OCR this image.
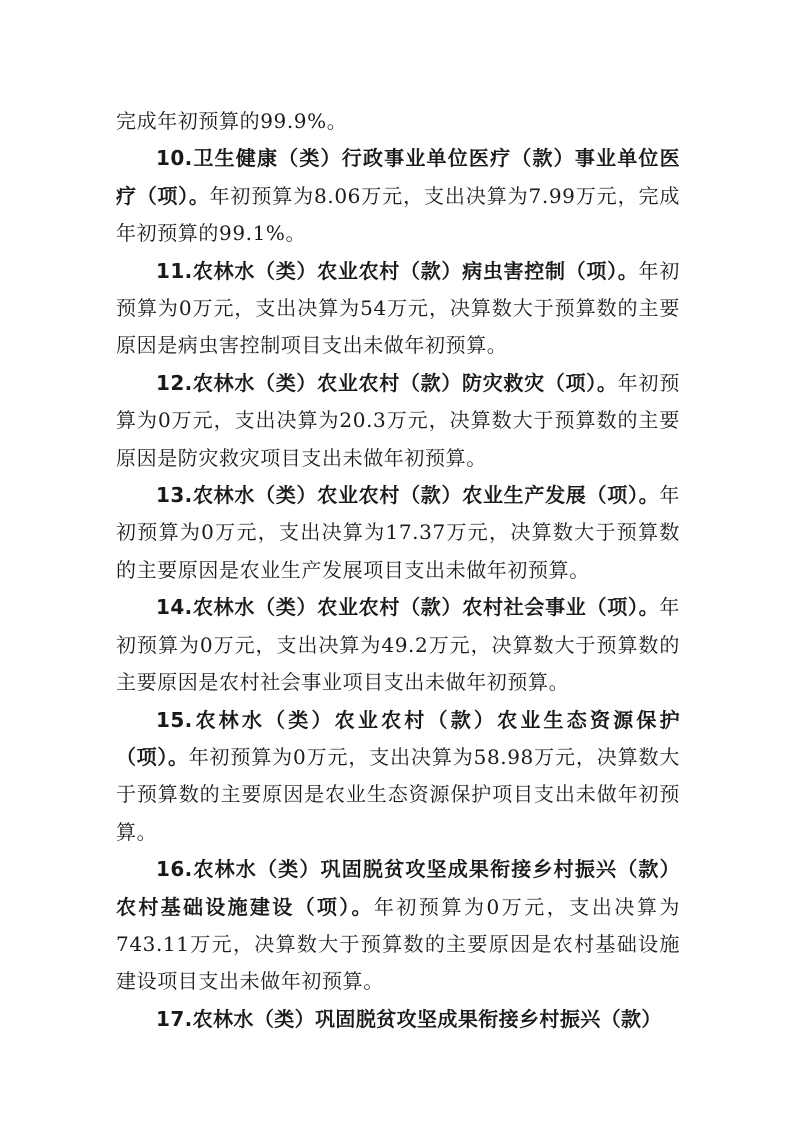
完成年初预算的99.9%。

10.卫生健康（类）行政事业单位医疗（款）事业单位医疗（项）。年初预算为8.06万元，支出决算为7.99万元，完成年初预算的99.1%。

11.农林水（类）农业农村（款）病虫害控制（项）。年初预算为0万元，支出决算为54万元，决算数大于预算数的主要原因是病虫害控制项目支出未做年初预算。

12.农林水（类）农业农村（款）防灾救灾（项）。年初预算为0万元，支出决算为20.3万元，决算数大于预算数的主要原因是防灾救灾项目支出未做年初预算。

13.农林水（类）农业农村（款）农业生产发展（项）。年初预算为0万元，支出决算为17.37万元，决算数大于预算数的主要原因是农业生产发展项目支出未做年初预算。

14.农林水（类）农业农村（款）农村社会事业（项）。年初预算为0万元，支出决算为49.2万元，决算数大于预算数的主要原因是农村社会事业项目支出未做年初预算。

15.农林水（类）农业农村（款）农业生态资源保护（项）。年初预算为0万元，支出决算为58.98万元，决算数大于预算数的主要原因是农业生态资源保护项目支出未做年初预算。

16.农林水（类）巩固脱贫攻坚成果衔接乡村振兴（款）农村基础设施建设（项）。年初预算为0万元，支出决算为743.11万元，决算数大于预算数的主要原因是农村基础设施建设项目支出未做年初预算。

17.农林水（类）巩固脱贫攻坚成果衔接乡村振兴（款）
